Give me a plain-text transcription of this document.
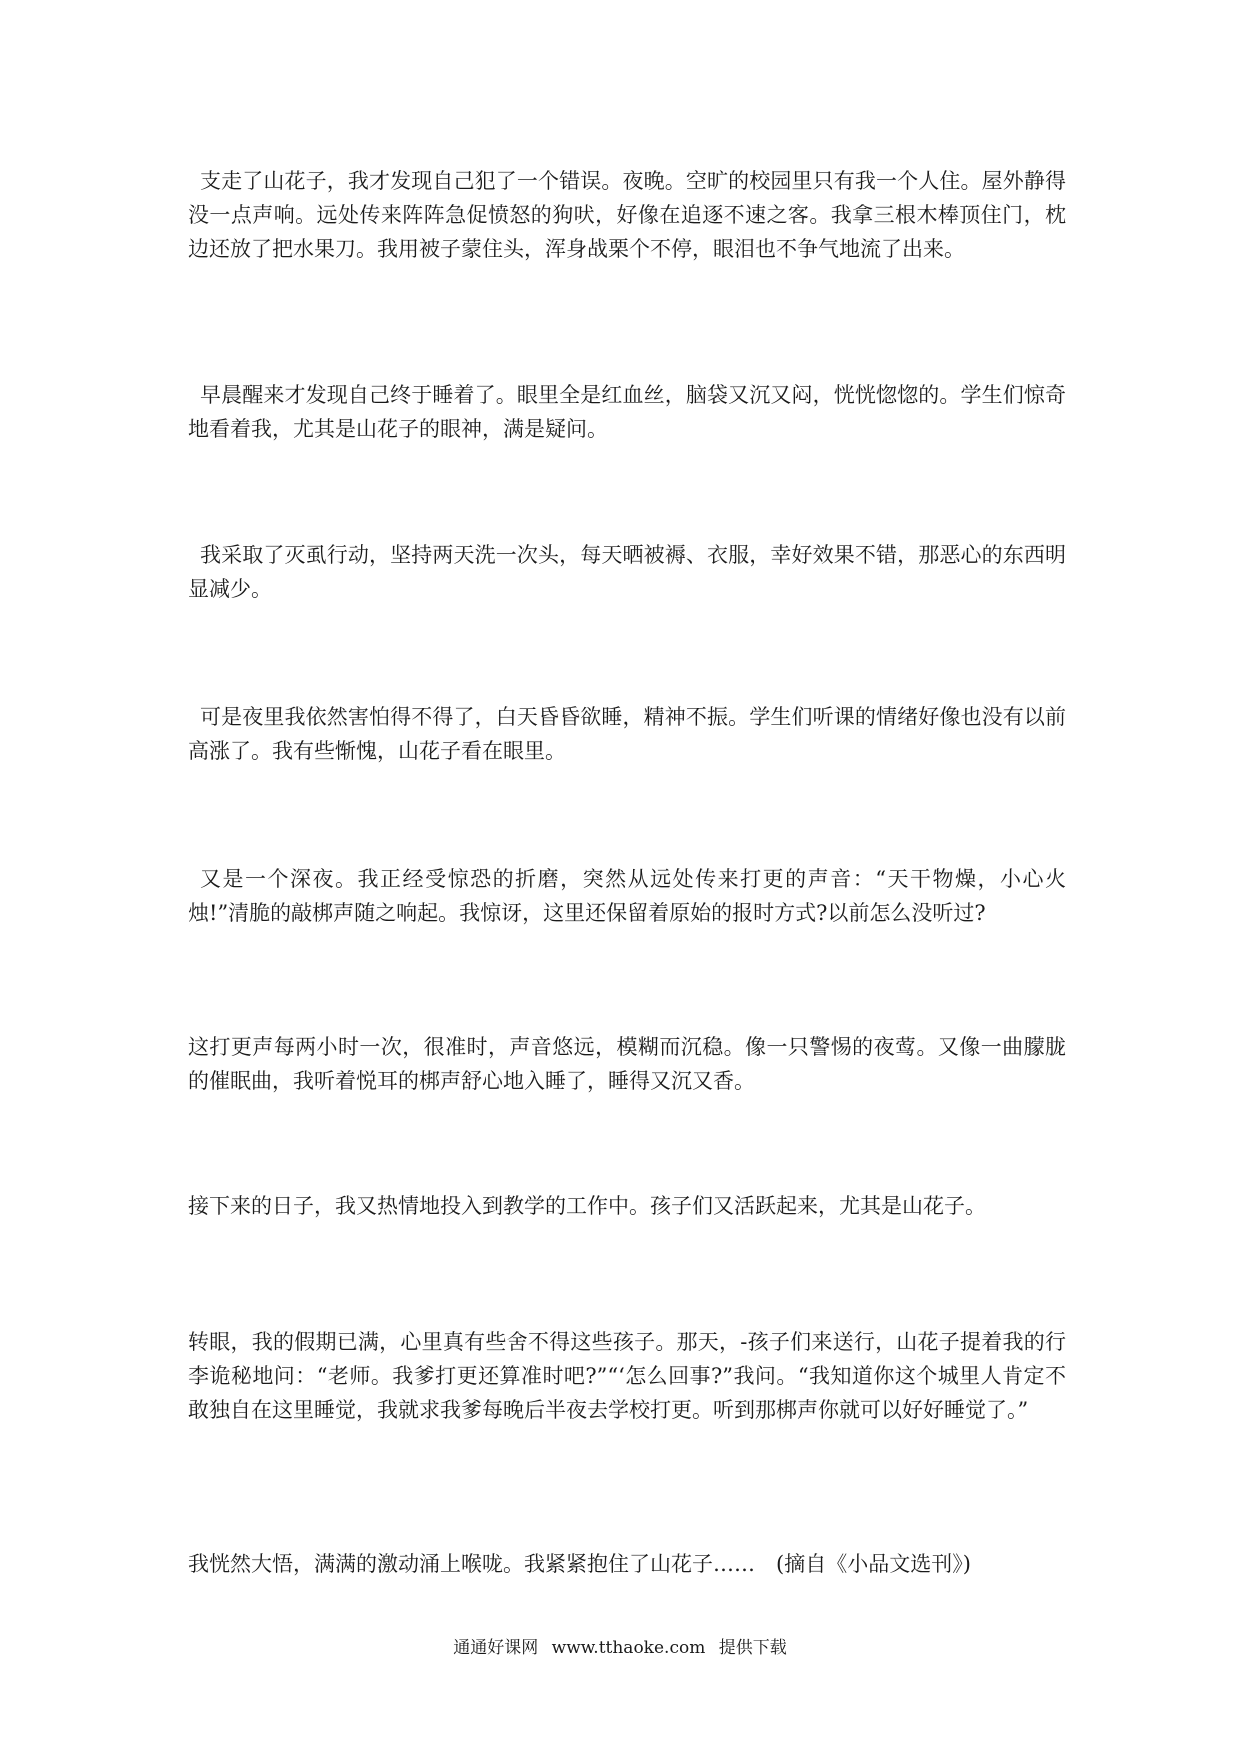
支走了山花子，我才发现自己犯了一个错误。夜晚。空旷的校园里只有我一个人住。屋外静得没一点声响。远处传来阵阵急促愤怒的狗吠，好像在追逐不速之客。我拿三根木棒顶住门，枕边还放了把水果刀。我用被子蒙住头，浑身战栗个不停，眼泪也不争气地流了出来。

早晨醒来才发现自己终于睡着了。眼里全是红血丝，脑袋又沉又闷，恍恍惚惚的。学生们惊奇地看着我，尤其是山花子的眼神，满是疑问。

我采取了灭虱行动，坚持两天洗一次头，每天晒被褥、衣服，幸好效果不错，那恶心的东西明显减少。

可是夜里我依然害怕得不得了，白天昏昏欲睡，精神不振。学生们听课的情绪好像也没有以前高涨了。我有些惭愧，山花子看在眼里。

又是一个深夜。我正经受惊恐的折磨，突然从远处传来打更的声音：“天干物燥，小心火烛!”清脆的敲梆声随之响起。我惊讶，这里还保留着原始的报时方式?以前怎么没听过?

这打更声每两小时一次，很准时，声音悠远，模糊而沉稳。像一只警惕的夜莺。又像一曲朦胧的催眠曲，我听着悦耳的梆声舒心地入睡了，睡得又沉又香。

接下来的日子，我又热情地投入到教学的工作中。孩子们又活跃起来，尤其是山花子。

转眼，我的假期已满，心里真有些舍不得这些孩子。那天，-孩子们来送行，山花子提着我的行李诡秘地问：“老师。我爹打更还算准时吧?”“‘怎么回事?”我问。“我知道你这个城里人肯定不敢独自在这里睡觉，我就求我爹每晚后半夜去学校打更。听到那梆声你就可以好好睡觉了。”

我恍然大悟，满满的激动涌上喉咙。我紧紧抱住了山花子……　(摘自《小品文选刊》)

通通好课网 www.tthaoke.com 提供下载
